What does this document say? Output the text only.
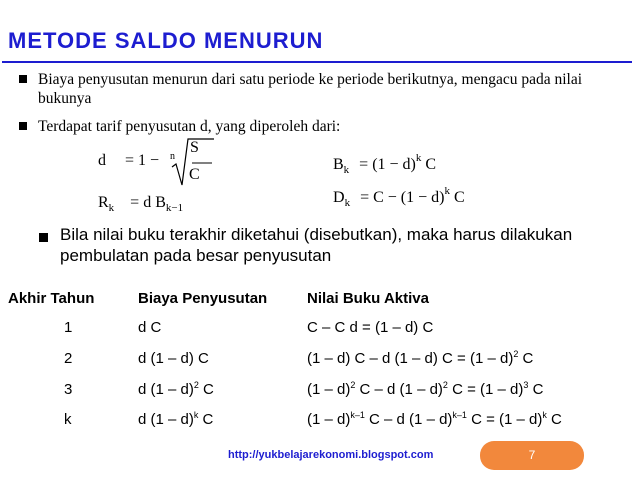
METODE SALDO MENURUN
Biaya penyusutan menurun dari satu periode ke periode berikutnya, mengacu pada nilai bukunya
Terdapat tarif penyusutan d, yang diperoleh dari:
d = 1 − n
S
C
$R_k = d$ $B_{k-1}$
$B_k = (1 - d)^k$ C
$D_k = C - (1 - d)^k$ C
Bila nilai buku terakhir diketahui (disebutkan), maka harus dilakukan pembulatan pada besar penyusutan
Akhir Tahun	Biaya Penyusutan	Nilai Buku Aktiva
1	d C	C – C d = (1 – d) C
2	d (1 – d) C	(1 – d) C – d (1 – d) C = (1 – d)$^2$ C
3	d (1 – d)$^2$ C	(1 – d)$^2$ C – d (1 – d)$^2$ C = (1 – d)$^3$ C
k	d (1 – d)$^k$ C	(1 – d)$^{k-1}$ C – d (1 – d)$^{k-1}$ C = (1 – d)$^k$ C
http://yukbelajarekonomi.blogspot.com	7
